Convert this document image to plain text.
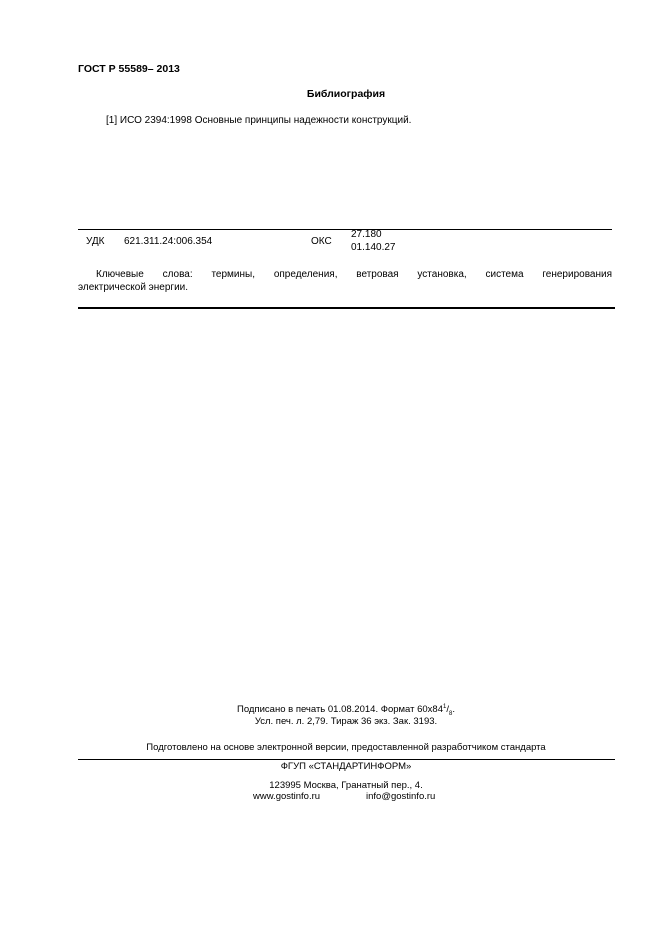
ГОСТ Р 55589– 2013
Библиография
[1] ИСО 2394:1998 Основные принципы надежности конструкций.
УДК 621.311.24:006.354	ОКС
27.180
01.140.27
Ключевые слова: термины, определения, ветровая установка, система генерирования
электрической энергии.
Подписано в печать 01.08.2014. Формат $60х84^1/_8$.
Усл. печ. л. 2,79. Тираж 36 экз. Зак. 3193.
Подготовлено на основе электронной версии, предоставленной разработчиком стандарта
ФГУП «СТАНДАРТИНФОРМ»
123995 Москва, Гранатный пер., 4.
www.gostinfo.ru	info@gostinfo.ru
